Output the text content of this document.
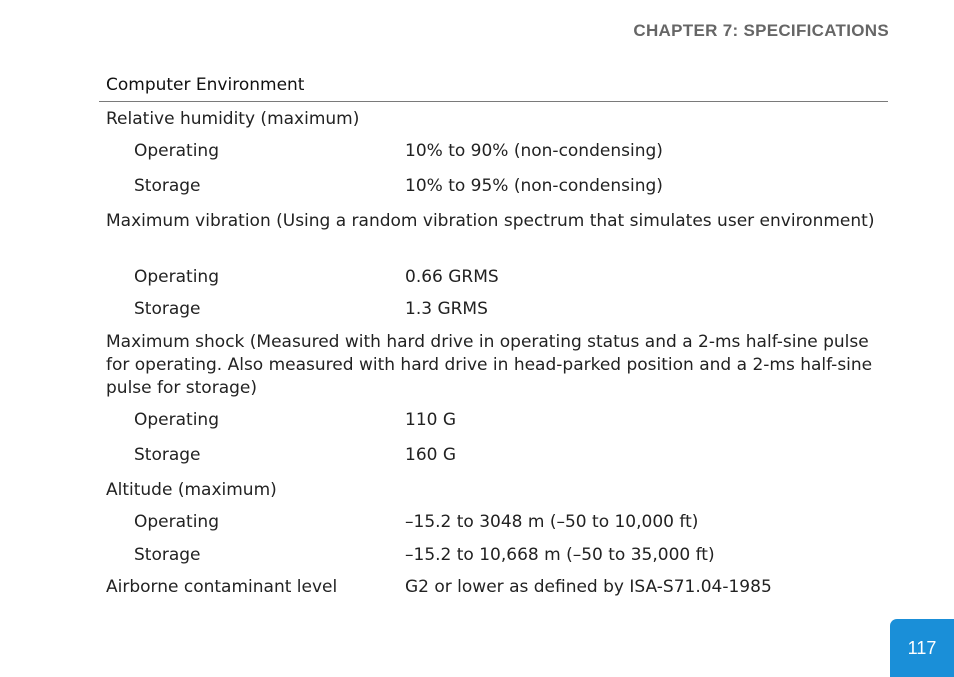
CHAPTER 7: SPECIFICATIONS
Computer Environment
Relative humidity (maximum)
Operating	10% to 90% (non-condensing)
Storage	10% to 95% (non-condensing)
Maximum vibration (Using a random vibration spectrum that simulates user environment)
Operating	0.66 GRMS
Storage	1.3 GRMS
Maximum shock (Measured with hard drive in operating status and a 2-ms half-sine pulse for operating. Also measured with hard drive in head-parked position and a 2-ms half-sine pulse for storage)
Operating	110 G
Storage	160 G
Altitude (maximum)
Operating	–15.2 to 3048 m (–50 to 10,000 ft)
Storage	–15.2 to 10,668 m (–50 to 35,000 ft)
Airborne contaminant level	G2 or lower as defined by ISA-S71.04-1985
117
